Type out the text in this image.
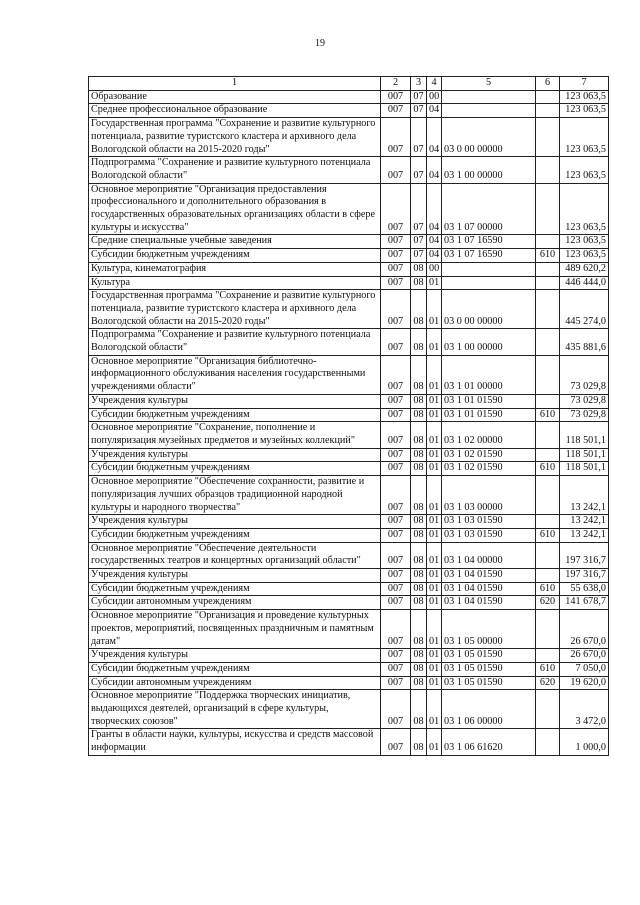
19
1	2	3	4	5	6	7
Образование	007	07	00			123 063,5
Среднее профессиональное образование	007	07	04			123 063,5
Государственная программа "Сохранение и развитие культурного потенциала, развитие туристского кластера и архивного дела Вологодской области на 2015-2020 годы"	007	07	04	03 0 00 00000		123 063,5
Подпрограмма "Сохранение и развитие культурного потенциала Вологодской области"	007	07	04	03 1 00 00000		123 063,5
Основное мероприятие "Организация предоставления профессионального и дополнительного образования в государственных образовательных организациях области в сфере культуры и искусства"	007	07	04	03 1 07 00000		123 063,5
Средние специальные учебные заведения	007	07	04	03 1 07 16590		123 063,5
Субсидии бюджетным учреждениям	007	07	04	03 1 07 16590	610	123 063,5
Культура, кинематография	007	08	00			489 620,2
Культура	007	08	01			446 444,0
Государственная программа "Сохранение и развитие культурного потенциала, развитие туристского кластера и архивного дела Вологодской области на 2015-2020 годы"	007	08	01	03 0 00 00000		445 274,0
Подпрограмма "Сохранение и развитие культурного потенциала Вологодской области"	007	08	01	03 1 00 00000		435 881,6
Основное мероприятие "Организация библиотечно-информационного обслуживания населения государственными учреждениями области"	007	08	01	03 1 01 00000		73 029,8
Учреждения культуры	007	08	01	03 1 01 01590		73 029,8
Субсидии бюджетным учреждениям	007	08	01	03 1 01 01590	610	73 029,8
Основное мероприятие "Сохранение, пополнение и популяризация музейных предметов и музейных коллекций"	007	08	01	03 1 02 00000		118 501,1
Учреждения культуры	007	08	01	03 1 02 01590		118 501,1
Субсидии бюджетным учреждениям	007	08	01	03 1 02 01590	610	118 501,1
Основное мероприятие "Обеспечение сохранности, развитие и популяризация лучших образцов традиционной народной культуры и народного творчества"	007	08	01	03 1 03 00000		13 242,1
Учреждения культуры	007	08	01	03 1 03 01590		13 242,1
Субсидии бюджетным учреждениям	007	08	01	03 1 03 01590	610	13 242,1
Основное мероприятие "Обеспечение деятельности государственных театров и концертных организаций области"	007	08	01	03 1 04 00000		197 316,7
Учреждения культуры	007	08	01	03 1 04 01590		197 316,7
Субсидии бюджетным учреждениям	007	08	01	03 1 04 01590	610	55 638,0
Субсидии автономным учреждениям	007	08	01	03 1 04 01590	620	141 678,7
Основное мероприятие "Организация и проведение культурных проектов, мероприятий, посвященных праздничным и памятным датам"	007	08	01	03 1 05 00000		26 670,0
Учреждения культуры	007	08	01	03 1 05 01590		26 670,0
Субсидии бюджетным учреждениям	007	08	01	03 1 05 01590	610	7 050,0
Субсидии автономным учреждениям	007	08	01	03 1 05 01590	620	19 620,0
Основное мероприятие "Поддержка творческих инициатив, выдающихся деятелей, организаций в сфере культуры, творческих союзов"	007	08	01	03 1 06 00000		3 472,0
Гранты в области науки, культуры, искусства и средств массовой информации	007	08	01	03 1 06 61620		1 000,0
